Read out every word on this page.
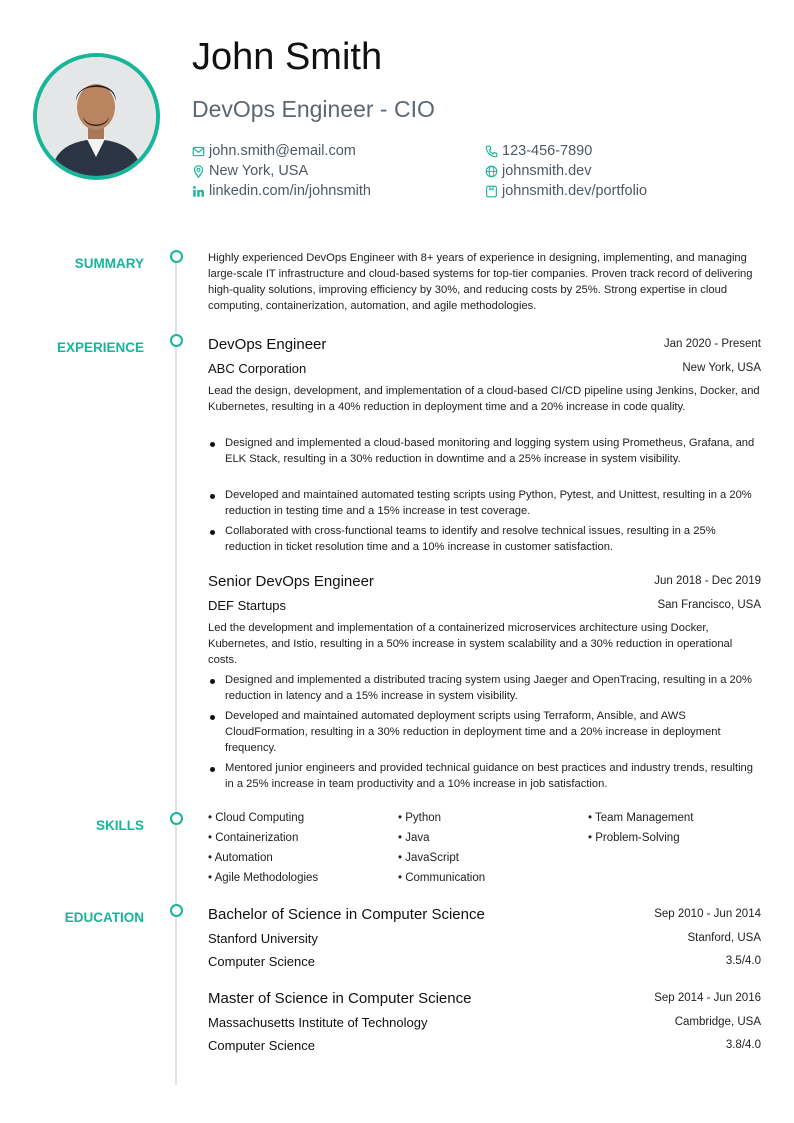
John Smith
DevOps Engineer - CIO
john.smith@email.com
New York, USA
linkedin.com/in/johnsmith
123-456-7890
johnsmith.dev
johnsmith.dev/portfolio
SUMMARY
EXPERIENCE
SKILLS
EDUCATION
Highly experienced DevOps Engineer with 8+ years of experience in designing, implementing, and managing large-scale IT infrastructure and cloud-based systems for top-tier companies. Proven track record of delivering high-quality solutions, improving efficiency by 30%, and reducing costs by 25%. Strong expertise in cloud computing, containerization, automation, and agile methodologies.
DevOps Engineer	Jan 2020 - Present
ABC Corporation	New York, USA
Lead the design, development, and implementation of a cloud-based CI/CD pipeline using Jenkins, Docker, and Kubernetes, resulting in a 40% reduction in deployment time and a 20% increase in code quality.
Designed and implemented a cloud-based monitoring and logging system using Prometheus, Grafana, and ELK Stack, resulting in a 30% reduction in downtime and a 25% increase in system visibility.
Developed and maintained automated testing scripts using Python, Pytest, and Unittest, resulting in a 20% reduction in testing time and a 15% increase in test coverage.
Collaborated with cross-functional teams to identify and resolve technical issues, resulting in a 25% reduction in ticket resolution time and a 10% increase in customer satisfaction.
Senior DevOps Engineer	Jun 2018 - Dec 2019
DEF Startups	San Francisco, USA
Led the development and implementation of a containerized microservices architecture using Docker, Kubernetes, and Istio, resulting in a 50% increase in system scalability and a 30% reduction in operational costs.
Designed and implemented a distributed tracing system using Jaeger and OpenTracing, resulting in a 20% reduction in latency and a 15% increase in system visibility.
Developed and maintained automated deployment scripts using Terraform, Ansible, and AWS CloudFormation, resulting in a 30% reduction in deployment time and a 20% increase in deployment frequency.
Mentored junior engineers and provided technical guidance on best practices and industry trends, resulting in a 25% increase in team productivity and a 10% increase in job satisfaction.
• Cloud Computing
• Containerization
• Automation
• Agile Methodologies
• Python
• Java
• JavaScript
• Communication
• Team Management
• Problem-Solving
Bachelor of Science in Computer Science	Sep 2010 - Jun 2014
Stanford University	Stanford, USA
Computer Science	3.5/4.0
Master of Science in Computer Science	Sep 2014 - Jun 2016
Massachusetts Institute of Technology	Cambridge, USA
Computer Science	3.8/4.0
